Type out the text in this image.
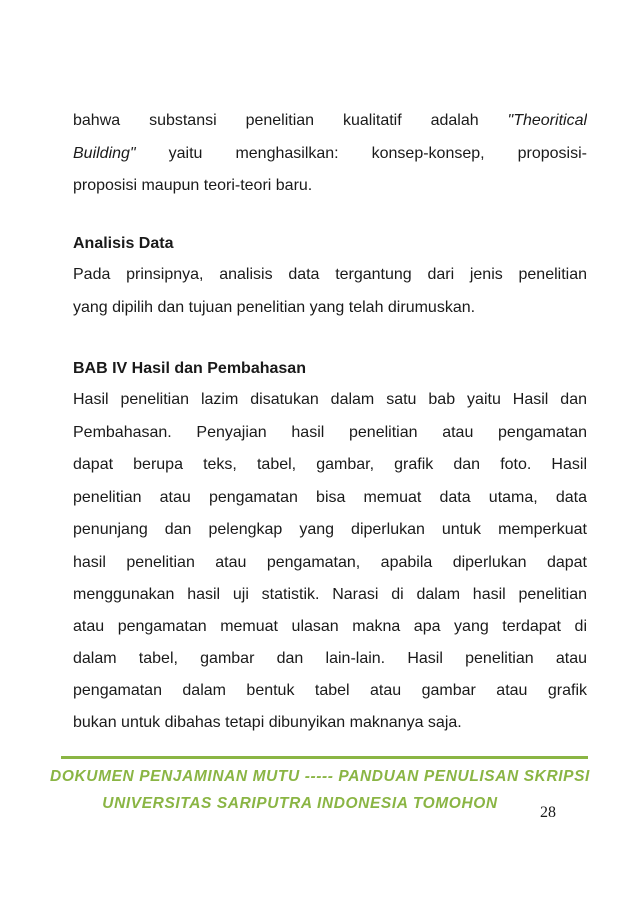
bahwa substansi penelitian kualitatif adalah "Theoritical
Building" yaitu menghasilkan: konsep-konsep, proposisi-
proposisi maupun teori-teori baru.
Analisis Data
Pada prinsipnya, analisis data tergantung dari jenis penelitian
yang dipilih dan tujuan penelitian yang telah dirumuskan.
BAB IV Hasil dan Pembahasan
Hasil penelitian lazim disatukan dalam satu bab yaitu Hasil dan
Pembahasan. Penyajian hasil penelitian atau pengamatan
dapat berupa teks, tabel, gambar, grafik dan foto. Hasil
penelitian atau pengamatan bisa memuat data utama, data
penunjang dan pelengkap yang diperlukan untuk memperkuat
hasil penelitian atau pengamatan, apabila diperlukan dapat
menggunakan hasil uji statistik. Narasi di dalam hasil penelitian
atau pengamatan memuat ulasan makna apa yang terdapat di
dalam tabel, gambar dan lain-lain. Hasil penelitian atau
pengamatan dalam bentuk tabel atau gambar atau grafik
bukan untuk dibahas tetapi dibunyikan maknanya saja.
DOKUMEN PENJAMINAN MUTU ----- PANDUAN PENULISAN SKRIPSI
UNIVERSITAS SARIPUTRA INDONESIA TOMOHON
28
